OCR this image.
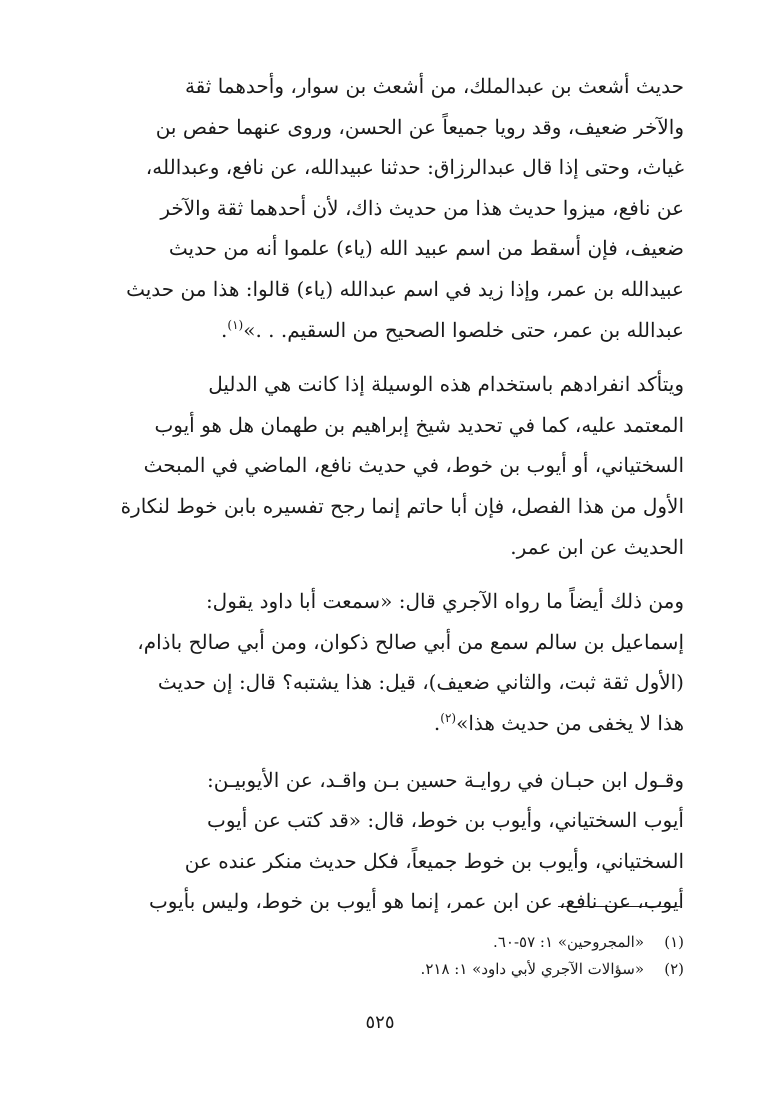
حديث أشعث بن عبدالملك، من أشعث بن سوار، وأحدهما ثقة
والآخر ضعيف، وقد رويا جميعاً عن الحسن، وروى عنهما حفص بن
غياث، وحتى إذا قال عبدالرزاق: حدثنا عبيدالله، عن نافع، وعبدالله،
عن نافع، ميزوا حديث هذا من حديث ذاك، لأن أحدهما ثقة والآخر
ضعيف، فإن أسقط من اسم عبيد الله (ياء) علموا أنه من حديث
عبيدالله بن عمر، وإذا زيد في اسم عبدالله (ياء) قالوا: هذا من حديث
عبدالله بن عمر، حتى خلصوا الصحيح من السقيم. . .»$^{(١)}$.

ويتأكد انفرادهم باستخدام هذه الوسيلة إذا كانت هي الدليل
المعتمد عليه، كما في تحديد شيخ إبراهيم بن طهمان هل هو أيوب
السختياني، أو أيوب بن خوط، في حديث نافع، الماضي في المبحث
الأول من هذا الفصل، فإن أبا حاتم إنما رجح تفسيره بابن خوط لنكارة
الحديث عن ابن عمر.

ومن ذلك أيضاً ما رواه الآجري قال: «سمعت أبا داود يقول:
إسماعيل بن سالم سمع من أبي صالح ذكوان، ومن أبي صالح باذام،
(الأول ثقة ثبت، والثاني ضعيف)، قيل: هذا يشتبه؟ قال: إن حديث
هذا لا يخفى من حديث هذا»$^{(٢)}$.

وقـول ابن حبـان في روايـة حسين بـن واقـد، عن الأيوبيـن:
أيوب السختياني، وأيوب بن خوط، قال: «قد كتب عن أيوب
السختياني، وأيوب بن خوط جميعاً، فكل حديث منكر عنده عن
أيوب، عن نافع، عن ابن عمر، إنما هو أيوب بن خوط، وليس بأيوب

(١)«المجروحين» ١: ٥٧-٦٠.
(٢)«سؤالات الآجري لأبي داود» ١: ٢١٨.
٥٢٥
